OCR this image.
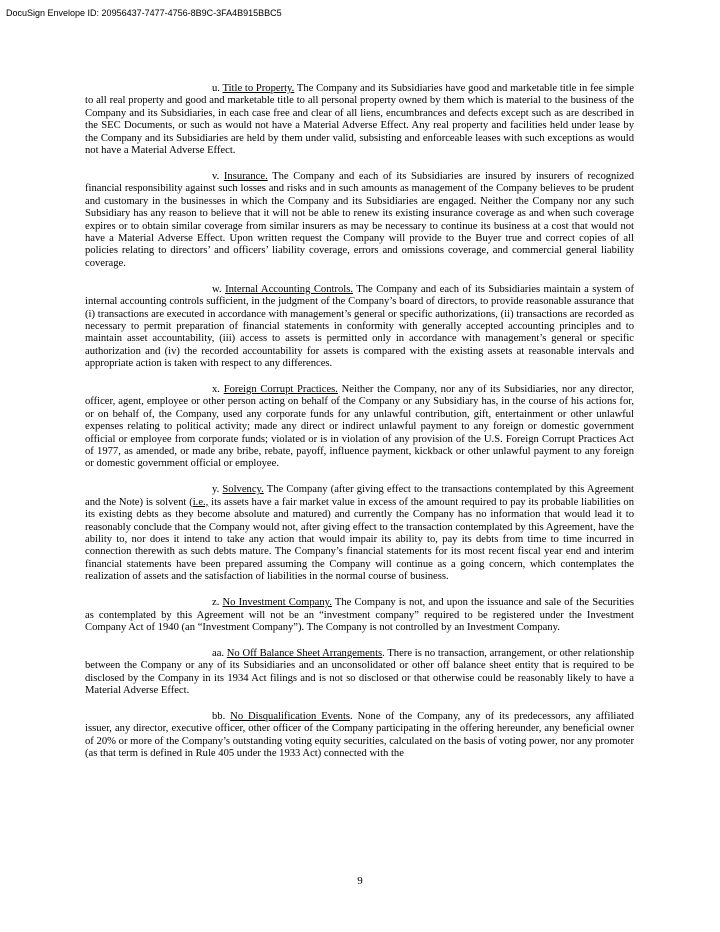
DocuSign Envelope ID: 20956437-7477-4756-8B9C-3FA4B915BBC5

u. Title to Property. The Company and its Subsidiaries have good and marketable title in fee simple to all real property and good and marketable title to all personal property owned by them which is material to the business of the Company and its Subsidiaries, in each case free and clear of all liens, encumbrances and defects except such as are described in the SEC Documents, or such as would not have a Material Adverse Effect. Any real property and facilities held under lease by the Company and its Subsidiaries are held by them under valid, subsisting and enforceable leases with such exceptions as would not have a Material Adverse Effect.

v. Insurance. The Company and each of its Subsidiaries are insured by insurers of recognized financial responsibility against such losses and risks and in such amounts as management of the Company believes to be prudent and customary in the businesses in which the Company and its Subsidiaries are engaged. Neither the Company nor any such Subsidiary has any reason to believe that it will not be able to renew its existing insurance coverage as and when such coverage expires or to obtain similar coverage from similar insurers as may be necessary to continue its business at a cost that would not have a Material Adverse Effect. Upon written request the Company will provide to the Buyer true and correct copies of all policies relating to directors’ and officers’ liability coverage, errors and omissions coverage, and commercial general liability coverage.

w. Internal Accounting Controls. The Company and each of its Subsidiaries maintain a system of internal accounting controls sufficient, in the judgment of the Company’s board of directors, to provide reasonable assurance that (i) transactions are executed in accordance with management’s general or specific authorizations, (ii) transactions are recorded as necessary to permit preparation of financial statements in conformity with generally accepted accounting principles and to maintain asset accountability, (iii) access to assets is permitted only in accordance with management’s general or specific authorization and (iv) the recorded accountability for assets is compared with the existing assets at reasonable intervals and appropriate action is taken with respect to any differences.

x. Foreign Corrupt Practices. Neither the Company, nor any of its Subsidiaries, nor any director, officer, agent, employee or other person acting on behalf of the Company or any Subsidiary has, in the course of his actions for, or on behalf of, the Company, used any corporate funds for any unlawful contribution, gift, entertainment or other unlawful expenses relating to political activity; made any direct or indirect unlawful payment to any foreign or domestic government official or employee from corporate funds; violated or is in violation of any provision of the U.S. Foreign Corrupt Practices Act of 1977, as amended, or made any bribe, rebate, payoff, influence payment, kickback or other unlawful payment to any foreign or domestic government official or employee.

y. Solvency. The Company (after giving effect to the transactions contemplated by this Agreement and the Note) is solvent (i.e., its assets have a fair market value in excess of the amount required to pay its probable liabilities on its existing debts as they become absolute and matured) and currently the Company has no information that would lead it to reasonably conclude that the Company would not, after giving effect to the transaction contemplated by this Agreement, have the ability to, nor does it intend to take any action that would impair its ability to, pay its debts from time to time incurred in connection therewith as such debts mature. The Company’s financial statements for its most recent fiscal year end and interim financial statements have been prepared assuming the Company will continue as a going concern, which contemplates the realization of assets and the satisfaction of liabilities in the normal course of business.

z. No Investment Company. The Company is not, and upon the issuance and sale of the Securities as contemplated by this Agreement will not be an “investment company” required to be registered under the Investment Company Act of 1940 (an “Investment Company”). The Company is not controlled by an Investment Company.

aa. No Off Balance Sheet Arrangements. There is no transaction, arrangement, or other relationship between the Company or any of its Subsidiaries and an unconsolidated or other off balance sheet entity that is required to be disclosed by the Company in its 1934 Act filings and is not so disclosed or that otherwise could be reasonably likely to have a Material Adverse Effect.

bb. No Disqualification Events. None of the Company, any of its predecessors, any affiliated issuer, any director, executive officer, other officer of the Company participating in the offering hereunder, any beneficial owner of 20% or more of the Company’s outstanding voting equity securities, calculated on the basis of voting power, nor any promoter (as that term is defined in Rule 405 under the 1933 Act) connected with the

9
